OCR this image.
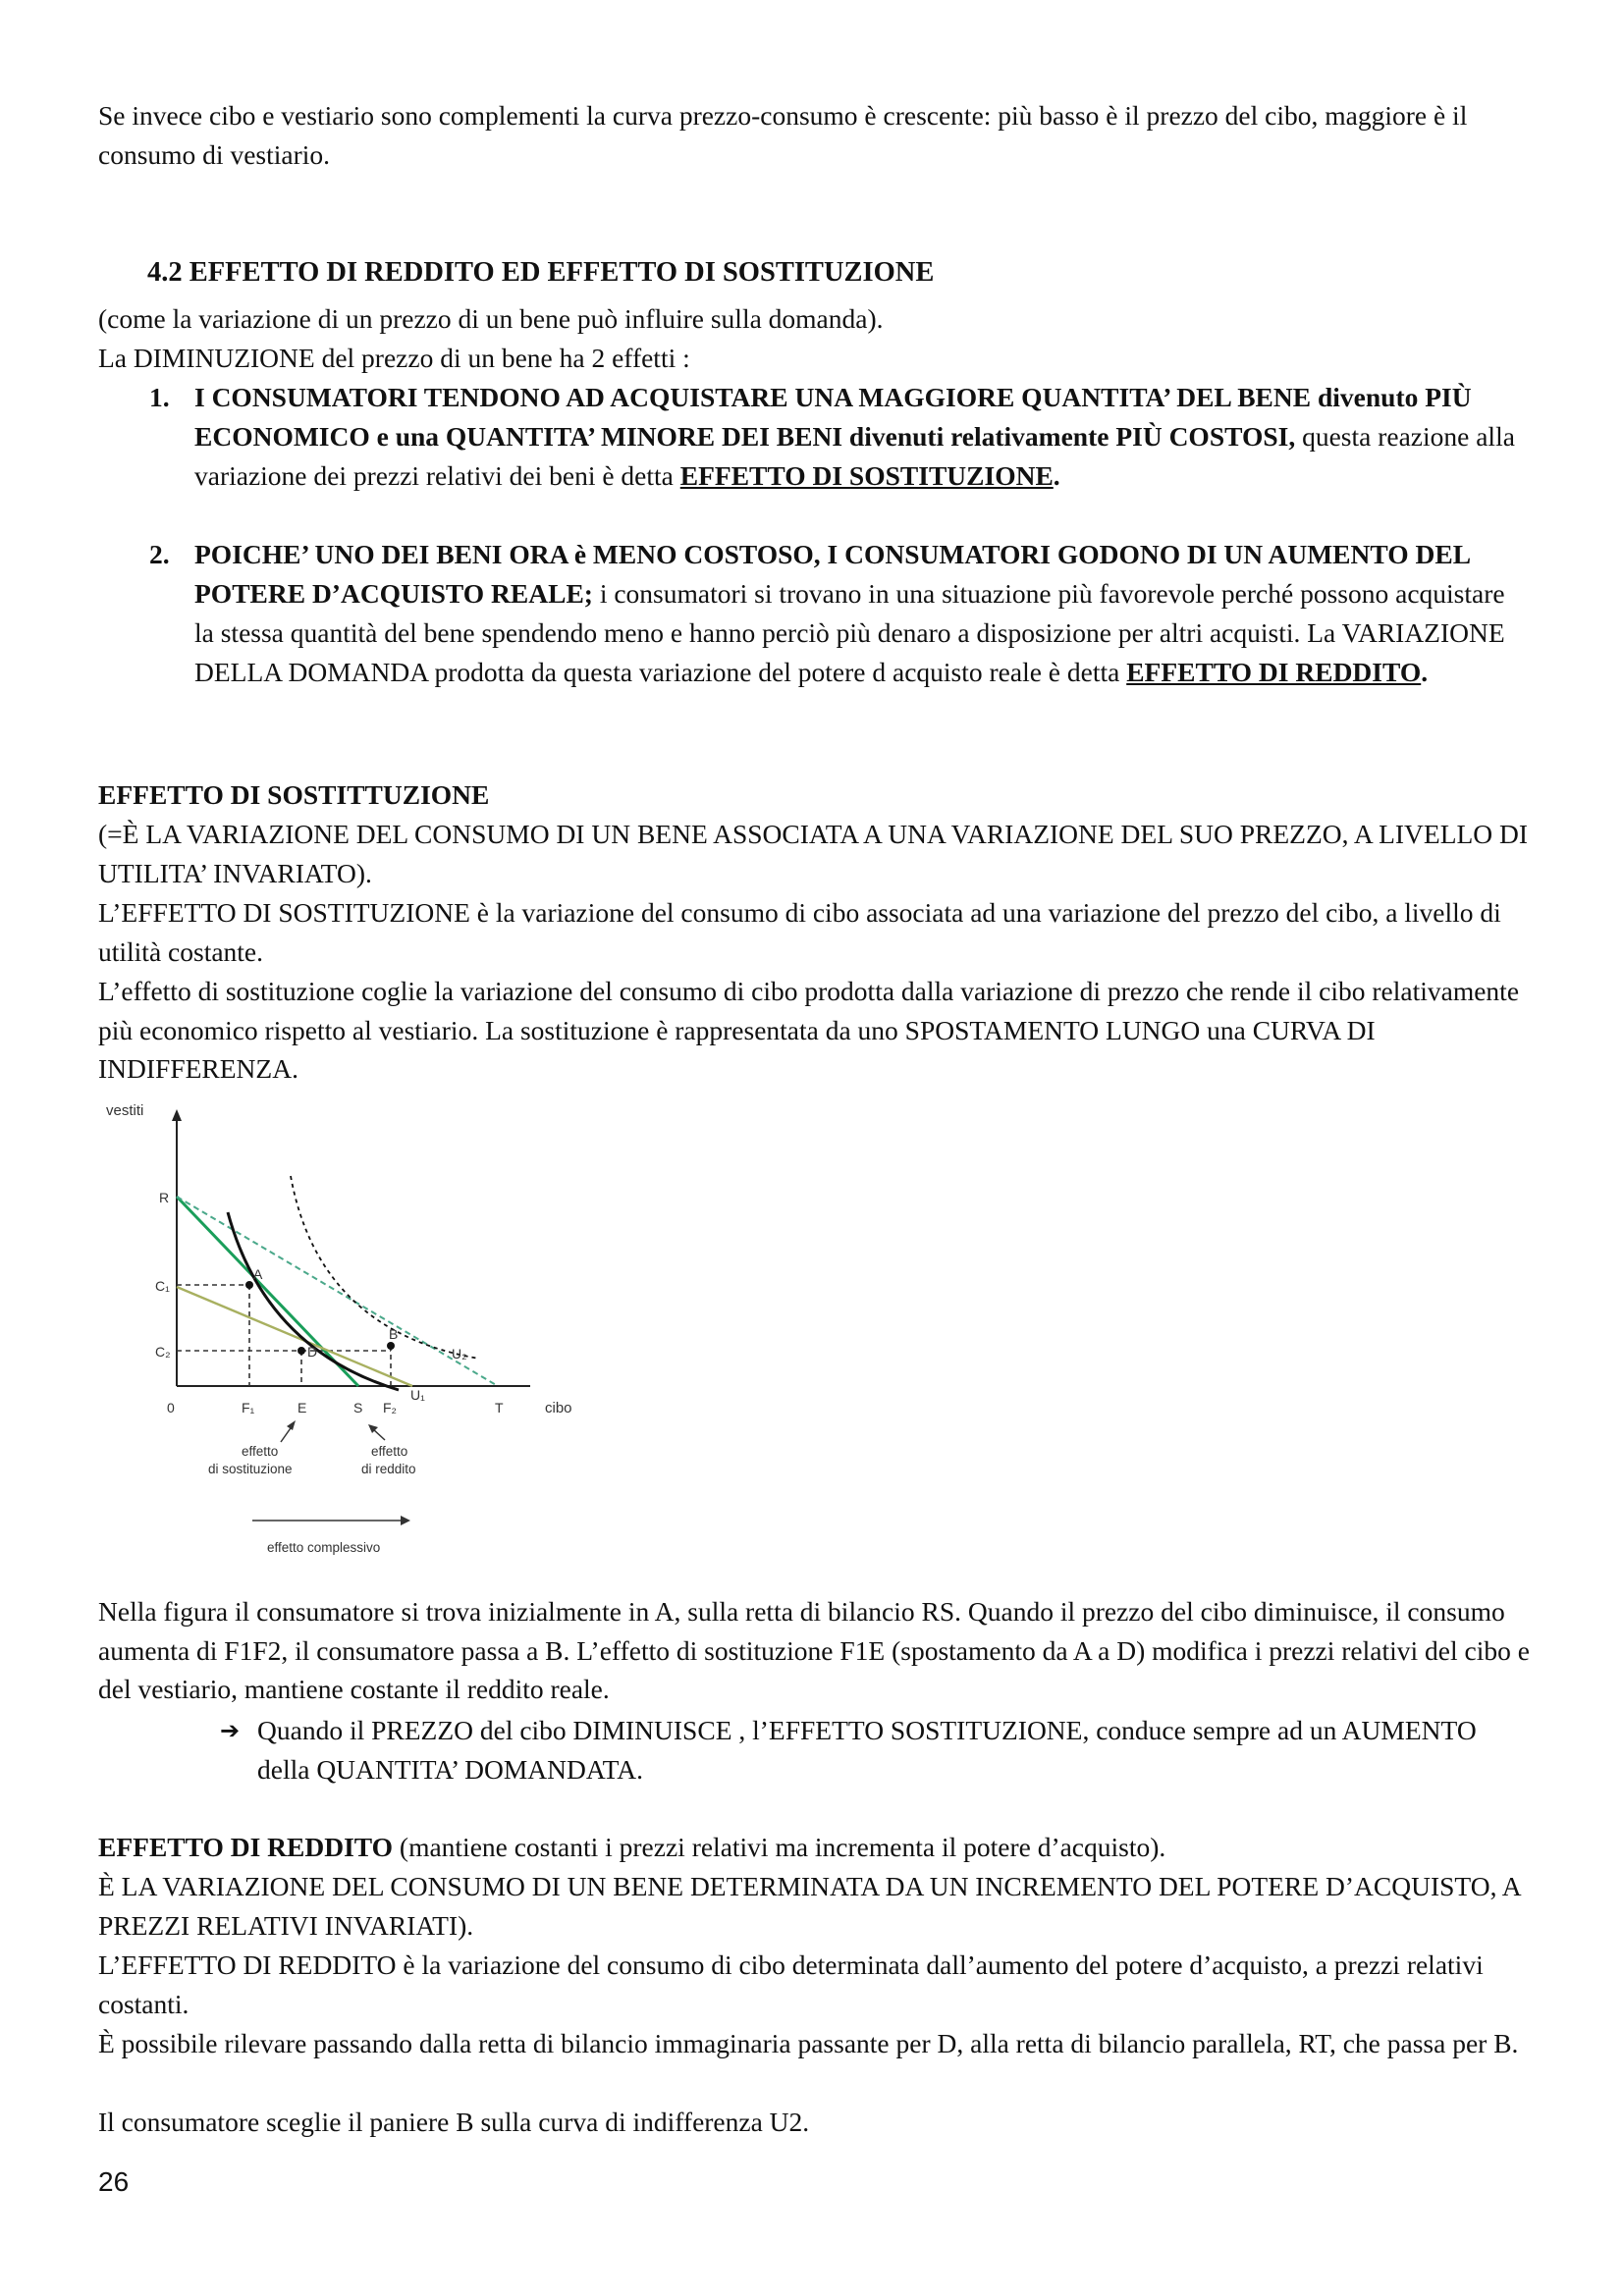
Se invece cibo e vestiario sono complementi la curva prezzo-consumo è crescente: più basso è il prezzo del cibo, maggiore è il consumo di vestiario.

4.2 EFFETTO DI REDDITO ED EFFETTO DI SOSTITUZIONE

(come la variazione di un prezzo di un bene può influire sulla domanda).

La DIMINUZIONE del prezzo di un bene ha 2 effetti :

1. I CONSUMATORI TENDONO AD ACQUISTARE UNA MAGGIORE QUANTITA’ DEL BENE divenuto PIÙ ECONOMICO e una QUANTITA’ MINORE DEI BENI divenuti relativamente PIÙ COSTOSI, questa reazione alla variazione dei prezzi relativi dei beni è detta EFFETTO DI SOSTITUZIONE.
2. POICHE’ UNO DEI BENI ORA è MENO COSTOSO, I CONSUMATORI GODONO DI UN AUMENTO DEL POTERE D’ACQUISTO REALE; i consumatori si trovano in una situazione più favorevole perché possono acquistare la stessa quantità del bene spendendo meno e hanno perciò più denaro a disposizione per altri acquisti. La VARIAZIONE DELLA DOMANDA prodotta da questa variazione del potere d acquisto reale è detta EFFETTO DI REDDITO.

EFFETTO DI SOSTITTUZIONE

(=È LA VARIAZIONE DEL CONSUMO DI UN BENE ASSOCIATA A UNA VARIAZIONE DEL SUO PREZZO, A LIVELLO DI UTILITA’ INVARIATO).

L’EFFETTO DI SOSTITUZIONE è la variazione del consumo di cibo associata ad una variazione del prezzo del cibo, a livello di utilità costante.

L’effetto di sostituzione coglie la variazione del consumo di cibo prodotta dalla variazione di prezzo che rende il cibo relativamente più economico rispetto al vestiario. La sostituzione è rappresentata da uno SPOSTAMENTO LUNGO una CURVA DI INDIFFERENZA.

vestiti
cibo
0
R
C₁
C₂
F₁	E	S F₂	T
A
D
B
U₁
U₂
effetto di sostituzione
effetto di reddito
effetto complessivo

Nella figura il consumatore si trova inizialmente in A, sulla retta di bilancio RS. Quando il prezzo del cibo diminuisce, il consumo aumenta di F1F2, il consumatore passa a B. L’effetto di sostituzione F1E (spostamento da A a D) modifica i prezzi relativi del cibo e del vestiario, mantiene costante il reddito reale.

➔ Quando il PREZZO del cibo DIMINUISCE , l’EFFETTO SOSTITUZIONE, conduce sempre ad un AUMENTO della QUANTITA’ DOMANDATA.

EFFETTO DI REDDITO (mantiene costanti i prezzi relativi ma incrementa il potere d’acquisto).

È LA VARIAZIONE DEL CONSUMO DI UN BENE DETERMINATA DA UN INCREMENTO DEL POTERE D’ACQUISTO, A PREZZI RELATIVI INVARIATI).

L’EFFETTO DI REDDITO è la variazione del consumo di cibo determinata dall’aumento del potere d’acquisto, a prezzi relativi costanti.

È possibile rilevare passando dalla retta di bilancio immaginaria passante per D, alla retta di bilancio parallela, RT, che passa per B.

Il consumatore sceglie il paniere B sulla curva di indifferenza U2.

26
